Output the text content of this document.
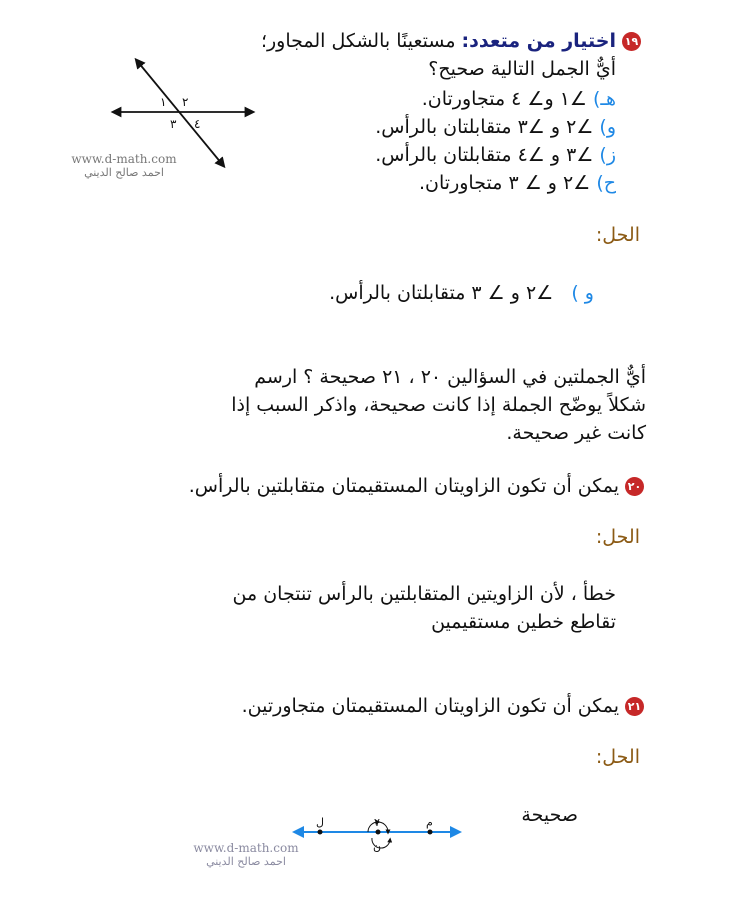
١٩اختيار من متعدد: مستعينًا بالشكل المجاور؛
أيٌّ الجمل التالية صحيح؟
هـ) ∠١ و∠ ٤ متجاورتان.
و) ∠٢ و ∠٣ متقابلتان بالرأس.
ز) ∠٣ و ∠٤ متقابلتان بالرأس.
ح) ∠٢ و ∠ ٣ متجاورتان.
١ ٢
٣ ٤
www.d-math.com
احمد صالح الديني
الحل:
و )   ∠٢ و ∠ ٣ متقابلتان بالرأس.
أيٌّ الجملتين في السؤالين ٢٠ ، ٢١ صحيحة ؟ ارسم
شكلاً يوضّح الجملة إذا كانت صحيحة، واذكر السبب إذا
كانت غير صحيحة.
٢٠يمكن أن تكون الزاويتان المستقيمتان متقابلتين بالرأس.
الحل:
خطأ ، لأن الزاويتين المتقابلتين بالرأس تنتجان من
تقاطع خطين مستقيمين
٢١يمكن أن تكون الزاويتان المستقيمتان متجاورتين.
الحل:
صحيحة
ل	٧	م
ن
www.d-math.com
احمد صالح الديني
